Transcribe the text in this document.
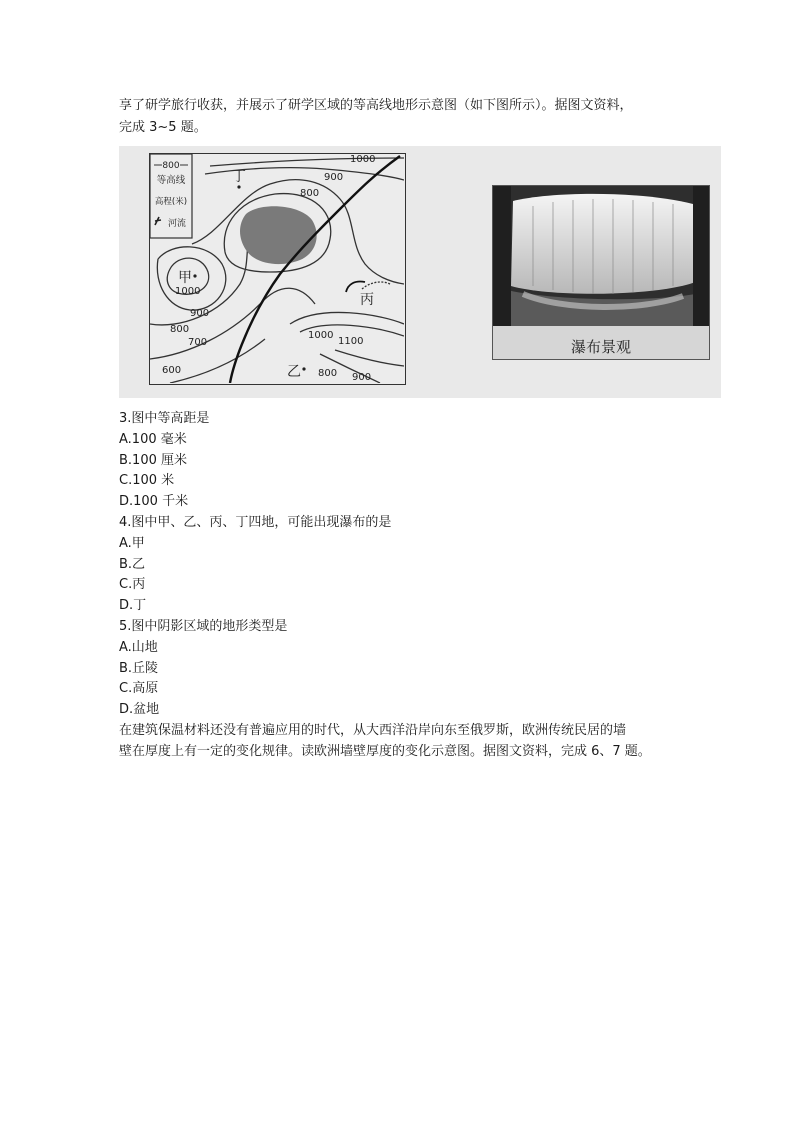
享了研学旅行收获，并展示了研学区域的等高线地形示意图（如下图所示）。据图文资料，
完成 3~5 题。
800
等高线
高程(米)
河流
丁
甲
丙
乙
1000
900
800
1000
900
800
700
600
1000
1100
800 900
瀑布景观
3.图中等高距是
A.100 毫米
B.100 厘米
C.100 米
D.100 千米
4.图中甲、乙、丙、丁四地，可能出现瀑布的是
A.甲
B.乙
C.丙
D.丁
5.图中阴影区域的地形类型是
A.山地
B.丘陵
C.高原
D.盆地
在建筑保温材料还没有普遍应用的时代，从大西洋沿岸向东至俄罗斯，欧洲传统民居的墙
壁在厚度上有一定的变化规律。读欧洲墙壁厚度的变化示意图。据图文资料，完成 6、7 题。
